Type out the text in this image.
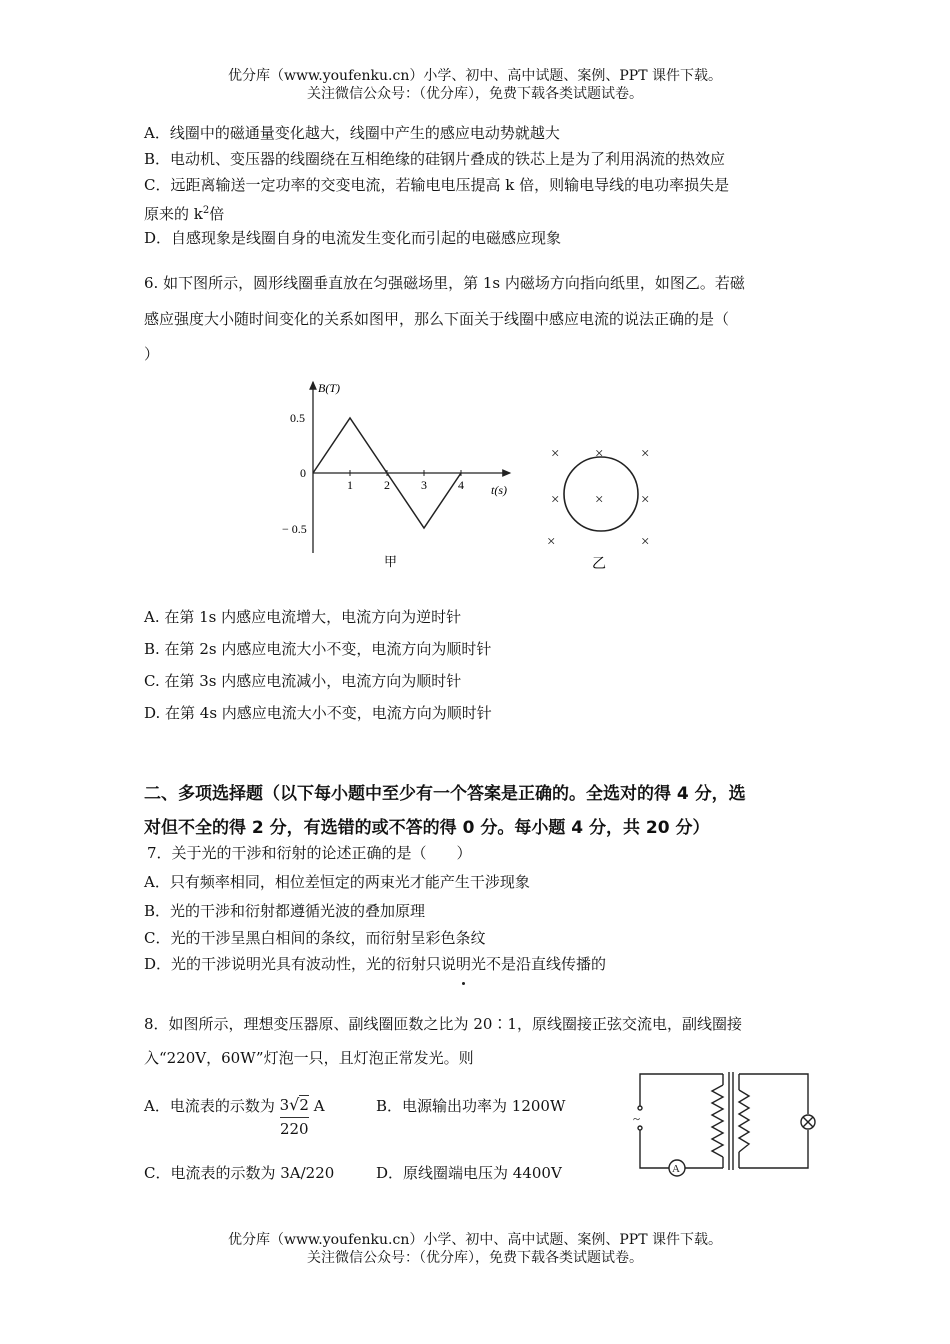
优分库（www.youfenku.cn）小学、初中、高中试题、案例、PPT 课件下载。
关注微信公众号：（优分库），免费下载各类试题试卷。
A．线圈中的磁通量变化越大，线圈中产生的感应电动势就越大
B．电动机、变压器的线圈绕在互相绝缘的硅钢片叠成的铁芯上是为了利用涡流的热效应
C．远距离输送一定功率的交变电流，若输电电压提高 k 倍，则输电导线的电功率损失是
原来的 $k^2$倍
D．自感现象是线圈自身的电流发生变化而引起的电磁感应现象
6. 如下图所示，圆形线圈垂直放在匀强磁场里，第 1s 内磁场方向指向纸里，如图乙。若磁
感应强度大小随时间变化的关系如图甲，那么下面关于线圈中感应电流的说法正确的是（
）
B(T)
t(s)
0.5
0
− 0.5
1	2	3	4
甲
× ×	×
× ×	×
×	×
乙
A. 在第 1s 内感应电流增大，电流方向为逆时针
B. 在第 2s 内感应电流大小不变，电流方向为顺时针
C. 在第 3s 内感应电流减小，电流方向为顺时针
D. 在第 4s 内感应电流大小不变，电流方向为顺时针
二、多项选择题（以下每小题中至少有一个答案是正确的。全选对的得 4 分，选
对但不全的得 2 分，有选错的或不答的得 0 分。每小题 4 分，共 20 分）
7．关于光的干涉和衍射的论述正确的是（　　）
A．只有频率相同，相位差恒定的两束光才能产生干涉现象
B．光的干涉和衍射都遵循光波的叠加原理
C．光的干涉呈黑白相间的条纹，而衍射呈彩色条纹
D．光的干涉说明光具有波动性，光的衍射只说明光不是沿直线传播的
8．如图所示，理想变压器原、副线圈匝数之比为 20∶1，原线圈接正弦交流电，副线圈接
入“220V，60W”灯泡一只，且灯泡正常发光。则
A．电流表的示数为 $\frac{3√2}{220}$ A	B．电源输出功率为 1200W
C．电流表的示数为 3A/220	D．原线圈端电压为 4400V	A
~
优分库（www.youfenku.cn）小学、初中、高中试题、案例、PPT 课件下载。
关注微信公众号：（优分库），免费下载各类试题试卷。
